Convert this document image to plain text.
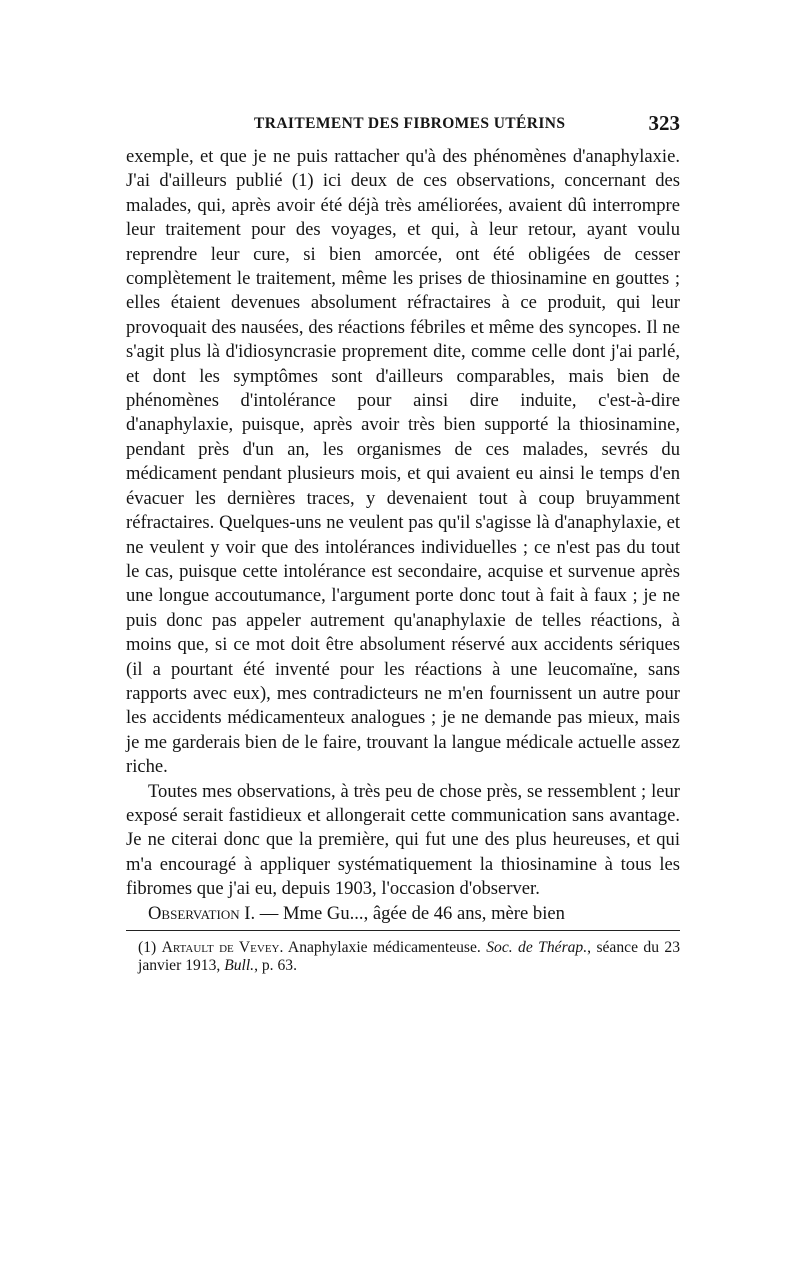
TRAITEMENT DES FIBROMES UTÉRINS	323

exemple, et que je ne puis rattacher qu'à des phénomènes d'anaphylaxie. J'ai d'ailleurs publié (1) ici deux de ces observations, concernant des malades, qui, après avoir été déjà très améliorées, avaient dû interrompre leur traitement pour des voyages, et qui, à leur retour, ayant voulu reprendre leur cure, si bien amorcée, ont été obligées de cesser complètement le traitement, même les prises de thiosinamine en gouttes ; elles étaient devenues absolument réfractaires à ce produit, qui leur provoquait des nausées, des réactions fébriles et même des syncopes. Il ne s'agit plus là d'idiosyncrasie proprement dite, comme celle dont j'ai parlé, et dont les symptômes sont d'ailleurs comparables, mais bien de phénomènes d'intolérance pour ainsi dire induite, c'est-à-dire d'anaphylaxie, puisque, après avoir très bien supporté la thiosinamine, pendant près d'un an, les organismes de ces malades, sevrés du médicament pendant plusieurs mois, et qui avaient eu ainsi le temps d'en évacuer les dernières traces, y devenaient tout à coup bruyamment réfractaires. Quelques-uns ne veulent pas qu'il s'agisse là d'anaphylaxie, et ne veulent y voir que des intolérances individuelles ; ce n'est pas du tout le cas, puisque cette intolérance est secondaire, acquise et survenue après une longue accoutumance, l'argument porte donc tout à fait à faux ; je ne puis donc pas appeler autrement qu'anaphylaxie de telles réactions, à moins que, si ce mot doit être absolument réservé aux accidents sériques (il a pourtant été inventé pour les réactions à une leucomaïne, sans rapports avec eux), mes contradicteurs ne m'en fournissent un autre pour les accidents médicamenteux analogues ; je ne demande pas mieux, mais je me garderais bien de le faire, trouvant la langue médicale actuelle assez riche.

Toutes mes observations, à très peu de chose près, se ressemblent ; leur exposé serait fastidieux et allongerait cette communication sans avantage. Je ne citerai donc que la première, qui fut une des plus heureuses, et qui m'a encouragé à appliquer systématiquement la thiosinamine à tous les fibromes que j'ai eu, depuis 1903, l'occasion d'observer.

Observation I. — Mme Gu..., âgée de 46 ans, mère bien

(1) Artault de Vevey. Anaphylaxie médicamenteuse. Soc. de Thérap., séance du 23 janvier 1913, Bull., p. 63.
